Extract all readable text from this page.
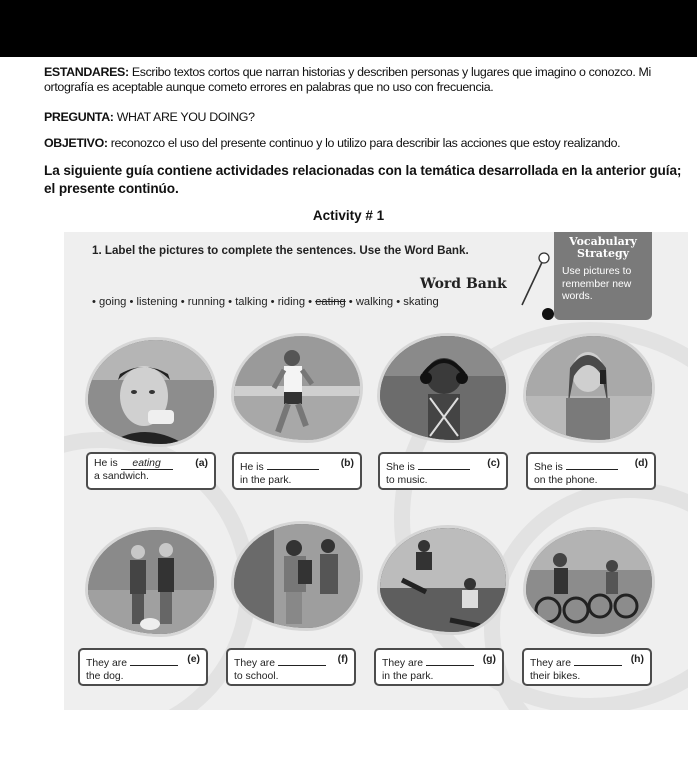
ESTANDARES: Escribo textos cortos que narran historias y describen personas y lugares que imagino o conozco. Mi ortografía es aceptable aunque cometo errores en palabras que no uso con frecuencia.
PREGUNTA: WHAT ARE YOU DOING?
OBJETIVO: reconozco el uso del presente continuo y lo utilizo para describir las acciones que estoy realizando.
La siguiente guía contiene actividades relacionadas con la temática desarrollada en la anterior guía; el presente continúo.
Activity # 1
1. Label the pictures to complete the sentences. Use the Word Bank.
Word Bank
• going • listening • running • talking • riding • eating • walking • skating
Vocabulary
Strategy
Use pictures to remember new words.
He is eating	(a)
a sandwich.
He is	(b)
in the park.
She is	(c)
to music.
She is	(d)
on the phone.
They are	(e)
the dog.
They are	(f)
to school.
They are	(g)
in the park.
They are	(h)
their bikes.
